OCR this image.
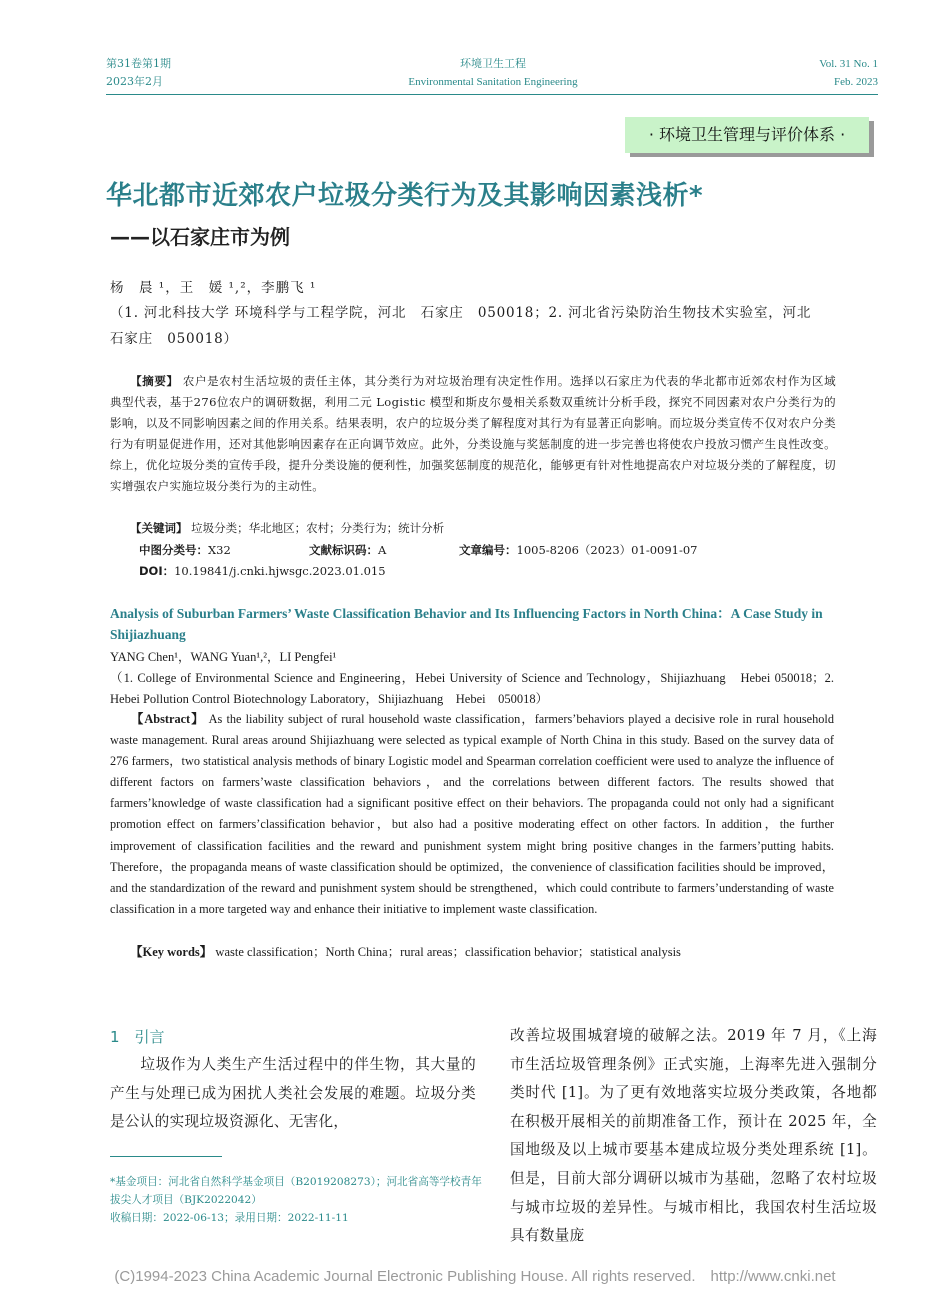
第31卷第1期
2023年2月
环境卫生工程
Environmental Sanitation Engineering
Vol. 31 No. 1
Feb. 2023
· 环境卫生管理与评价体系 ·
华北都市近郊农户垃圾分类行为及其影响因素浅析*
——以石家庄市为例
杨　晨 ¹，王　媛 ¹,²，李鹏飞 ¹
（1. 河北科技大学 环境科学与工程学院，河北　石家庄　050018；2. 河北省污染防治生物技术实验室，河北　石家庄　050018）
【摘要】 农户是农村生活垃圾的责任主体，其分类行为对垃圾治理有决定性作用。选择以石家庄为代表的华北都市近郊农村作为区域典型代表，基于276位农户的调研数据，利用二元 Logistic 模型和斯皮尔曼相关系数双重统计分析手段，探究不同因素对农户分类行为的影响，以及不同影响因素之间的作用关系。结果表明，农户的垃圾分类了解程度对其行为有显著正向影响。而垃圾分类宣传不仅对农户分类行为有明显促进作用，还对其他影响因素存在正向调节效应。此外，分类设施与奖惩制度的进一步完善也将使农户投放习惯产生良性改变。综上，优化垃圾分类的宣传手段，提升分类设施的便利性，加强奖惩制度的规范化，能够更有针对性地提高农户对垃圾分类的了解程度，切实增强农户实施垃圾分类行为的主动性。
【关键词】 垃圾分类；华北地区；农村；分类行为；统计分析
中图分类号：X32	文献标识码：A	文章编号：1005-8206（2023）01-0091-07
DOI：10.19841/j.cnki.hjwsgc.2023.01.015
Analysis of Suburban Farmers’ Waste Classification Behavior and Its Influencing Factors in North China：A Case Study in Shijiazhuang
YANG Chen¹，WANG Yuan¹,²，LI Pengfei¹
（1. College of Environmental Science and Engineering，Hebei University of Science and Technology，Shijiazhuang　Hebei 050018；2. Hebei Pollution Control Biotechnology Laboratory，Shijiazhuang　Hebei　050018）
【Abstract】 As the liability subject of rural household waste classification，farmers’behaviors played a decisive role in rural household waste management. Rural areas around Shijiazhuang were selected as typical example of North China in this study. Based on the survey data of 276 farmers，two statistical analysis methods of binary Logistic model and Spearman correlation coefficient were used to analyze the influence of different factors on farmers’waste classification behaviors，and the correlations between different factors. The results showed that farmers’knowledge of waste classification had a significant positive effect on their behaviors. The propaganda could not only had a significant promotion effect on farmers’classification behavior，but also had a positive moderating effect on other factors. In addition，the further improvement of classification facilities and the reward and punishment system might bring positive changes in the farmers’putting habits. Therefore，the propaganda means of waste classification should be optimized，the convenience of classification facilities should be improved，and the standardization of the reward and punishment system should be strengthened，which could contribute to farmers’understanding of waste classification in a more targeted way and enhance their initiative to implement waste classification.
【Key words】 waste classification；North China；rural areas；classification behavior；statistical analysis
1　引言
垃圾作为人类生产生活过程中的伴生物，其大量的产生与处理已成为困扰人类社会发展的难题。垃圾分类是公认的实现垃圾资源化、无害化，
改善垃圾围城窘境的破解之法。2019 年 7 月，《上海市生活垃圾管理条例》正式实施，上海率先进入强制分类时代 [1]。为了更有效地落实垃圾分类政策，各地都在积极开展相关的前期准备工作，预计在 2025 年，全国地级及以上城市要基本建成垃圾分类处理系统 [1]。但是，目前大部分调研以城市为基础，忽略了农村垃圾与城市垃圾的差异性。与城市相比，我国农村生活垃圾具有数量庞
*基金项目：河北省自然科学基金项目（B2019208273）；河北省高等学校青年拔尖人才项目（BJK2022042）
收稿日期：2022-06-13；录用日期：2022-11-11
(C)1994-2023 China Academic Journal Electronic Publishing House. All rights reserved.　http://www.cnki.net
